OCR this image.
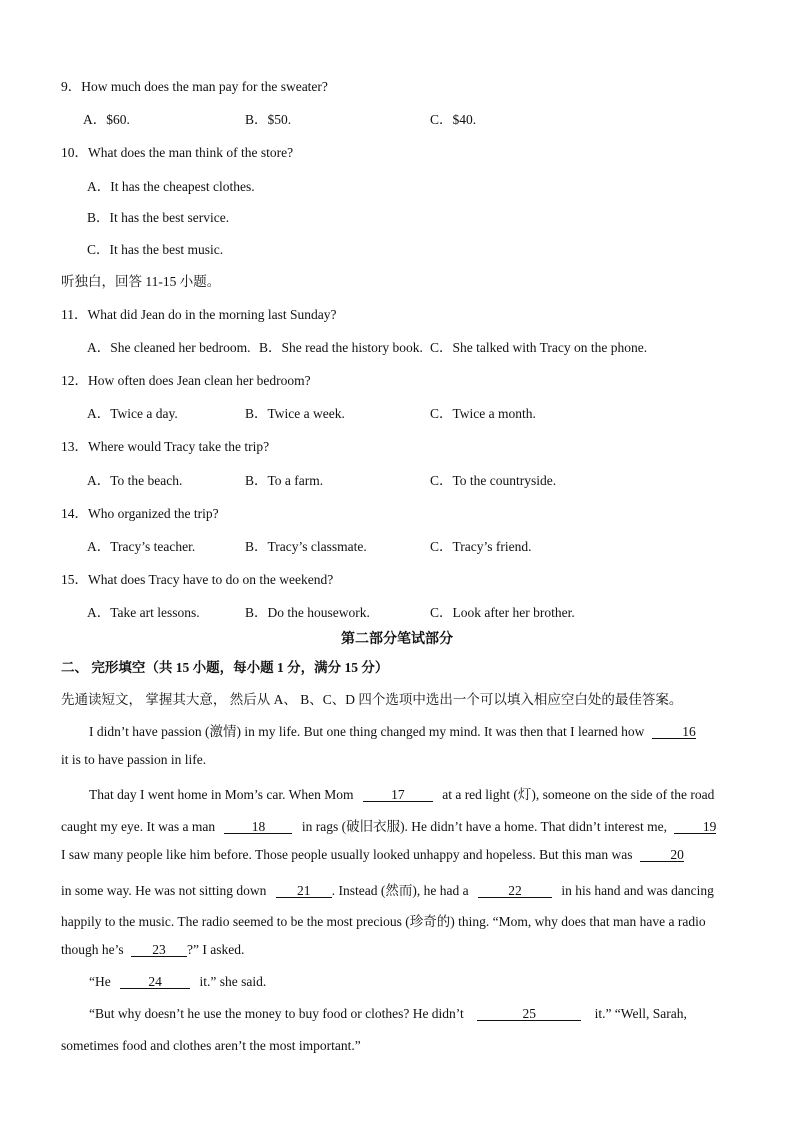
9．How much does the man pay for the sweater?
A．$60.	B．$50.	C．$40.
10．What does the man think of the store?
A．It has the cheapest clothes.
B．It has the best service.
C．It has the best music.
听独白，回答 11-15 小题。
11．What did Jean do in the morning last Sunday?
A．She cleaned her bedroom. B．She read the history book. C．She talked with Tracy on the phone.
12．How often does Jean clean her bedroom?
A．Twice a day.	B．Twice a week.	C．Twice a month.
13．Where would Tracy take the trip?
A．To the beach.	B．To a farm.	C．To the countryside.
14．Who organized the trip?
A．Tracy’s teacher.	B．Tracy’s classmate.	C．Tracy’s friend.
15．What does Tracy have to do on the weekend?
A．Take art lessons.	B．Do the housework.	C．Look after her brother.
第二部分笔试部分
二、 完形填空（共 15 小题，每小题 1 分，满分 15 分）
先通读短文， 掌握其大意， 然后从 A、 B、C、D 四个选项中选出一个可以填入相应空白处的最佳答案。
I didn’t have passion (激情) in my life. But one thing changed my mind. It was then that I learned how	16
it is to have passion in life.
That day I went home in Mom’s car. When Mom	17	at a red light (灯), someone on the side of the road
caught my eye. It was a man	18	in rags (破旧衣服). He didn’t have a home. That didn’t interest me,	19
I saw many people like him before. Those people usually looked unhappy and hopeless. But this man was	20
in some way. He was not sitting down 21 . Instead (然而), he had a	22	in his hand and was dancing
happily to the music. The radio seemed to be the most precious (珍奇的) thing. “Mom, why does that man have a radio
though he’s 23 ?” I asked.
“He	24	it.” she said.
“But why doesn’t he use the money to buy food or clothes? He didn’t	25	it.” “Well, Sarah,
sometimes food and clothes aren’t the most important.”
